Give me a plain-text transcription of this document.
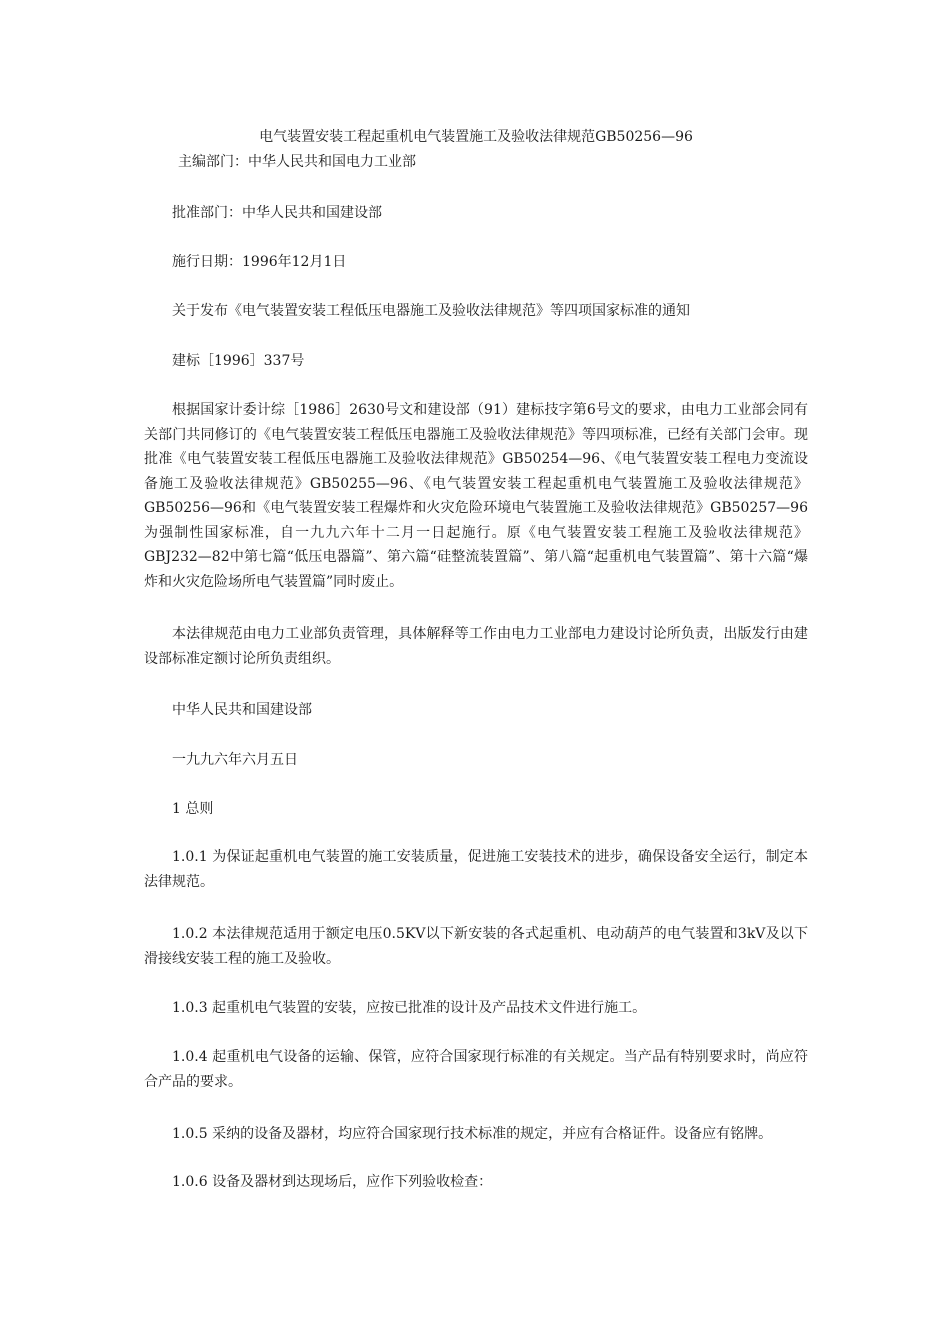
电气装置安装工程起重机电气装置施工及验收法律规范GB50256—96
主编部门：中华人民共和国电力工业部
批准部门：中华人民共和国建设部
施行日期：1996年12月1日
关于发布《电气装置安装工程低压电器施工及验收法律规范》等四项国家标准的通知
建标［1996］337号
根据国家计委计综［1986］2630号文和建设部（91）建标技字第6号文的要求，由电力工业部会同有关部门共同修订的《电气装置安装工程低压电器施工及验收法律规范》等四项标准，已经有关部门会审。现批准《电气装置安装工程低压电器施工及验收法律规范》GB50254—96、《电气装置安装工程电力变流设备施工及验收法律规范》GB50255—96、《电气装置安装工程起重机电气装置施工及验收法律规范》GB50256—96和《电气装置安装工程爆炸和火灾危险环境电气装置施工及验收法律规范》GB50257—96为强制性国家标准，自一九九六年十二月一日起施行。原《电气装置安装工程施工及验收法律规范》GBJ232—82中第七篇“低压电器篇”、第六篇“硅整流装置篇”、第八篇“起重机电气装置篇”、第十六篇“爆炸和火灾危险场所电气装置篇”同时废止。
本法律规范由电力工业部负责管理，具体解释等工作由电力工业部电力建设讨论所负责，出版发行由建设部标准定额讨论所负责组织。
中华人民共和国建设部
一九九六年六月五日
1 总则
1.0.1 为保证起重机电气装置的施工安装质量，促进施工安装技术的进步，确保设备安全运行，制定本法律规范。
1.0.2 本法律规范适用于额定电压0.5KV以下新安装的各式起重机、电动葫芦的电气装置和3kV及以下滑接线安装工程的施工及验收。
1.0.3 起重机电气装置的安装，应按已批准的设计及产品技术文件进行施工。
1.0.4 起重机电气设备的运输、保管，应符合国家现行标准的有关规定。当产品有特别要求时，尚应符合产品的要求。
1.0.5 采纳的设备及器材，均应符合国家现行技术标准的规定，并应有合格证件。设备应有铭牌。
1.0.6 设备及器材到达现场后，应作下列验收检查：
